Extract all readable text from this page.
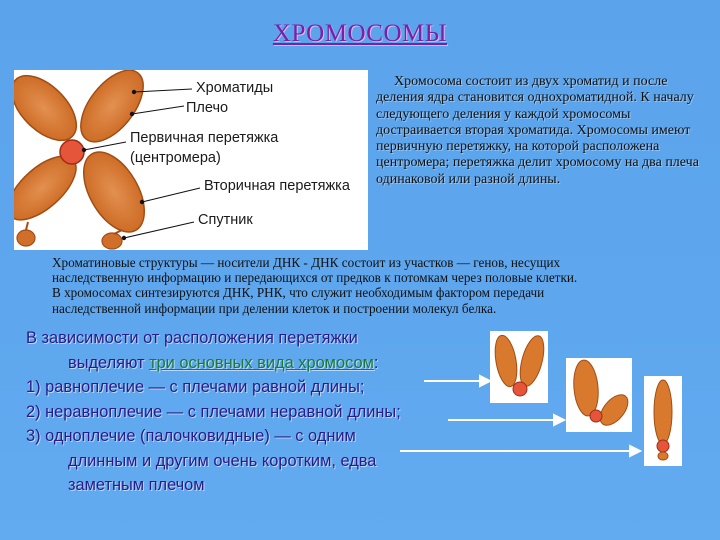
ХРОМОСОМЫ
Хроматиды
Плечо
Первичная перетяжка
(центромера)
Вторичная перетяжка
Спутник
Хромосома состоит из двух хроматид и после деления ядра становится однохроматидной. К началу следующего деления у каждой хромосомы достраивается вторая хроматида. Хромосомы имеют первичную перетяжку, на которой расположена центромера; перетяжка делит хромосому на два плеча одинаковой или разной длины.

Хроматиновые структуры — носители ДНК - ДНК состоит из участков — генов, несущих

наследственную информацию и передающихся от предков к потомкам через половые клетки.

В хромосомах синтезируются ДНК, РНК, что служит необходимым фактором передачи

наследственной информации при делении клеток и построении молекул белка.

В зависимости от расположения перетяжки
выделяют три основных вида хромосом:
1) равноплечие — с плечами равной длины;
2) неравноплечие — с плечами неравной длины;
3) одноплечие (палочковидные) — с одним
длинным и другим очень коротким, едва
заметным плечом
